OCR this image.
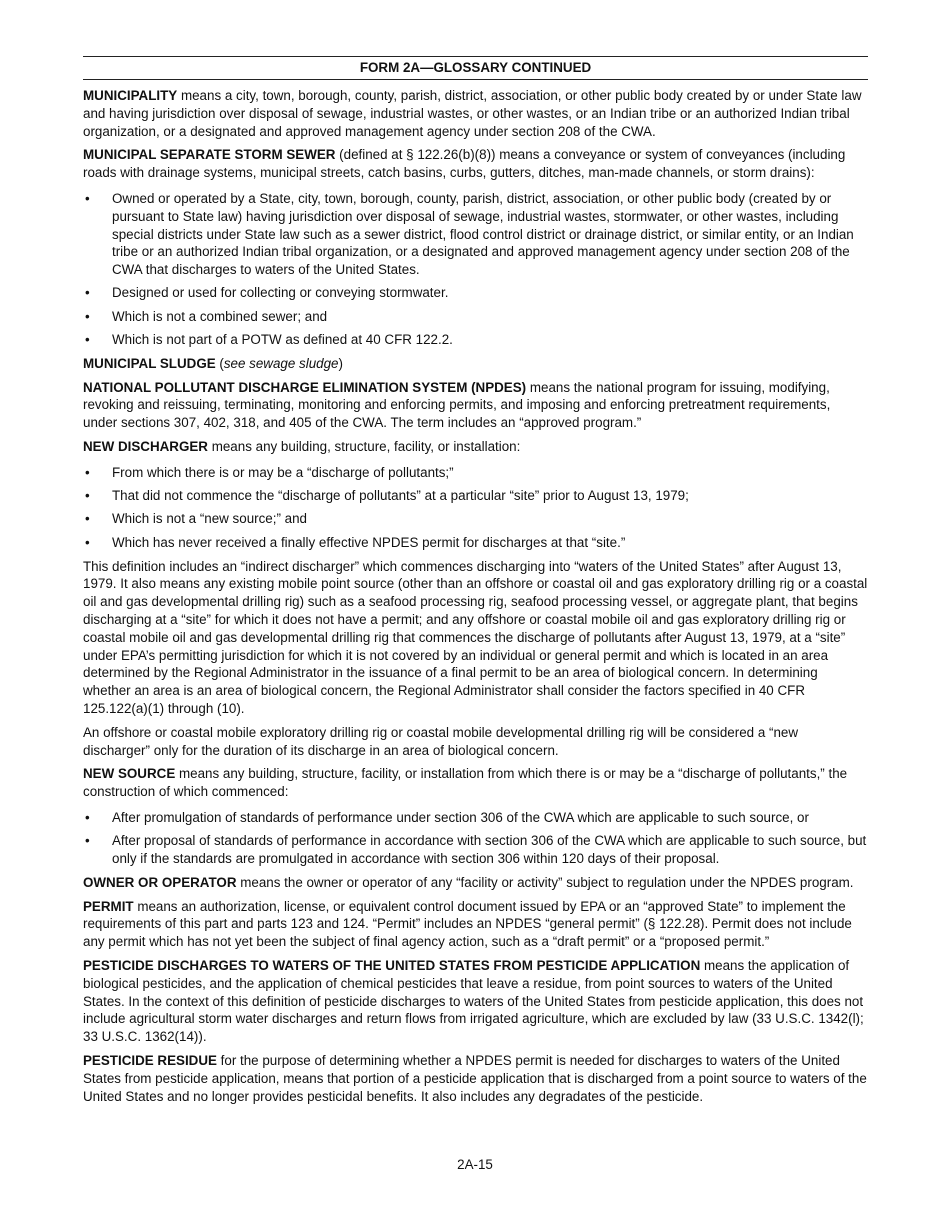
FORM 2A—GLOSSARY CONTINUED

MUNICIPALITY means a city, town, borough, county, parish, district, association, or other public body created by or under State law and having jurisdiction over disposal of sewage, industrial wastes, or other wastes, or an Indian tribe or an authorized Indian tribal organization, or a designated and approved management agency under section 208 of the CWA.

MUNICIPAL SEPARATE STORM SEWER (defined at § 122.26(b)(8)) means a conveyance or system of conveyances (including roads with drainage systems, municipal streets, catch basins, curbs, gutters, ditches, man-made channels, or storm drains):

• Owned or operated by a State, city, town, borough, county, parish, district, association, or other public body (created by or pursuant to State law) having jurisdiction over disposal of sewage, industrial wastes, stormwater, or other wastes, including special districts under State law such as a sewer district, flood control district or drainage district, or similar entity, or an Indian tribe or an authorized Indian tribal organization, or a designated and approved management agency under section 208 of the CWA that discharges to waters of the United States.
• Designed or used for collecting or conveying stormwater.
• Which is not a combined sewer; and
• Which is not part of a POTW as defined at 40 CFR 122.2.

MUNICIPAL SLUDGE (see sewage sludge)

NATIONAL POLLUTANT DISCHARGE ELIMINATION SYSTEM (NPDES) means the national program for issuing, modifying, revoking and reissuing, terminating, monitoring and enforcing permits, and imposing and enforcing pretreatment requirements, under sections 307, 402, 318, and 405 of the CWA. The term includes an “approved program.”

NEW DISCHARGER means any building, structure, facility, or installation:

• From which there is or may be a “discharge of pollutants;”
• That did not commence the “discharge of pollutants” at a particular “site” prior to August 13, 1979;
• Which is not a “new source;” and
• Which has never received a finally effective NPDES permit for discharges at that “site.”

This definition includes an “indirect discharger” which commences discharging into “waters of the United States” after August 13, 1979. It also means any existing mobile point source (other than an offshore or coastal oil and gas exploratory drilling rig or a coastal oil and gas developmental drilling rig) such as a seafood processing rig, seafood processing vessel, or aggregate plant, that begins discharging at a “site” for which it does not have a permit; and any offshore or coastal mobile oil and gas exploratory drilling rig or coastal mobile oil and gas developmental drilling rig that commences the discharge of pollutants after August 13, 1979, at a “site” under EPA’s permitting jurisdiction for which it is not covered by an individual or general permit and which is located in an area determined by the Regional Administrator in the issuance of a final permit to be an area of biological concern. In determining whether an area is an area of biological concern, the Regional Administrator shall consider the factors specified in 40 CFR 125.122(a)(1) through (10).

An offshore or coastal mobile exploratory drilling rig or coastal mobile developmental drilling rig will be considered a “new discharger” only for the duration of its discharge in an area of biological concern.

NEW SOURCE means any building, structure, facility, or installation from which there is or may be a “discharge of pollutants,” the construction of which commenced:

• After promulgation of standards of performance under section 306 of the CWA which are applicable to such source, or
• After proposal of standards of performance in accordance with section 306 of the CWA which are applicable to such source, but only if the standards are promulgated in accordance with section 306 within 120 days of their proposal.

OWNER OR OPERATOR means the owner or operator of any “facility or activity” subject to regulation under the NPDES program.

PERMIT means an authorization, license, or equivalent control document issued by EPA or an “approved State” to implement the requirements of this part and parts 123 and 124. “Permit” includes an NPDES “general permit” (§ 122.28). Permit does not include any permit which has not yet been the subject of final agency action, such as a “draft permit” or a “proposed permit.”

PESTICIDE DISCHARGES TO WATERS OF THE UNITED STATES FROM PESTICIDE APPLICATION means the application of biological pesticides, and the application of chemical pesticides that leave a residue, from point sources to waters of the United States. In the context of this definition of pesticide discharges to waters of the United States from pesticide application, this does not include agricultural storm water discharges and return flows from irrigated agriculture, which are excluded by law (33 U.S.C. 1342(l); 33 U.S.C. 1362(14)).

PESTICIDE RESIDUE for the purpose of determining whether a NPDES permit is needed for discharges to waters of the United States from pesticide application, means that portion of a pesticide application that is discharged from a point source to waters of the United States and no longer provides pesticidal benefits. It also includes any degradates of the pesticide.

2A-15
